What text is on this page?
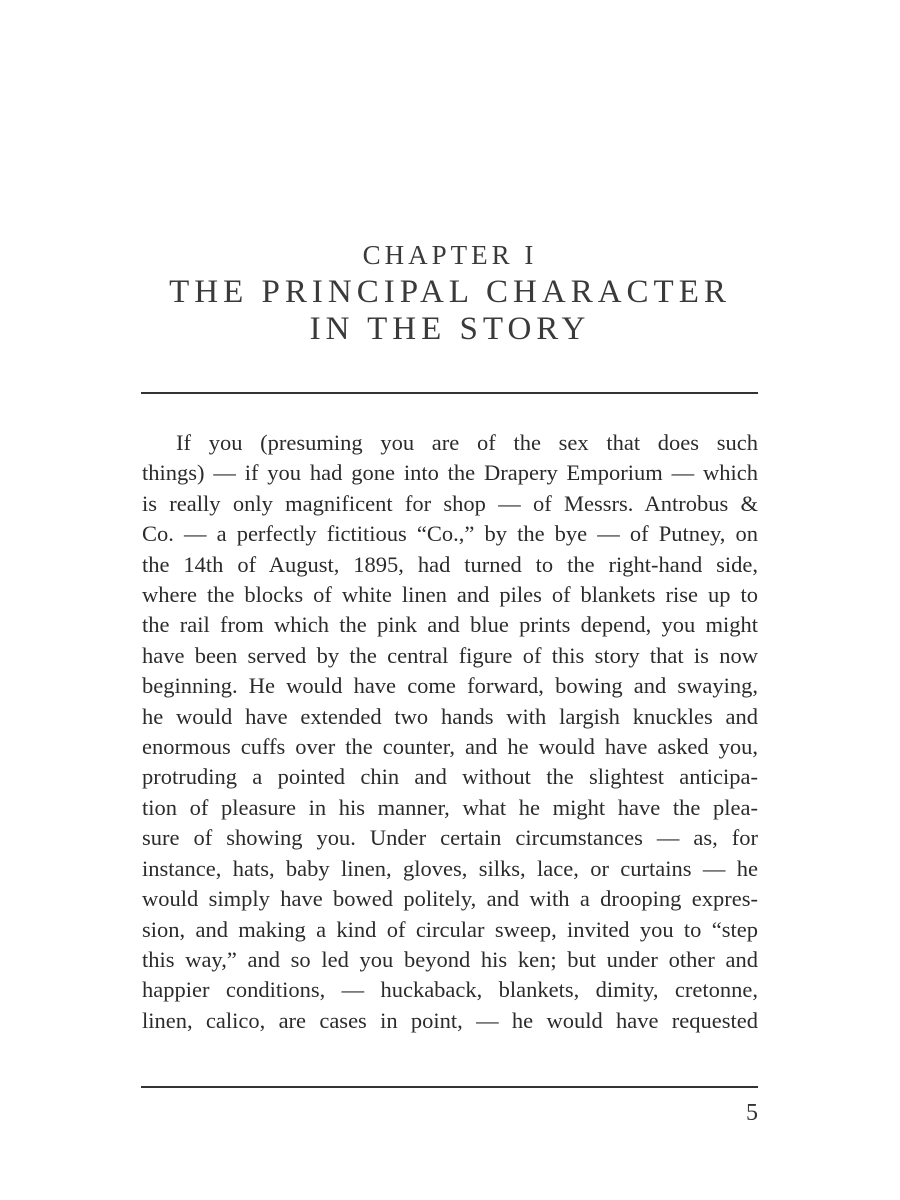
CHAPTER I
THE PRINCIPAL CHARACTER
IN THE STORY
If you (presuming you are of the sex that does such
things) — if you had gone into the Drapery Emporium — which
is really only magnificent for shop — of Messrs. Antrobus &
Co. — a perfectly fictitious “Co.,” by the bye — of Putney, on
the 14th of August, 1895, had turned to the right-hand side,
where the blocks of white linen and piles of blankets rise up to
the rail from which the pink and blue prints depend, you might
have been served by the central figure of this story that is now
beginning. He would have come forward, bowing and swaying,
he would have extended two hands with largish knuckles and
enormous cuffs over the counter, and he would have asked you,
protruding a pointed chin and without the slightest anticipa-
tion of pleasure in his manner, what he might have the plea-
sure of showing you. Under certain circumstances — as, for
instance, hats, baby linen, gloves, silks, lace, or curtains — he
would simply have bowed politely, and with a drooping expres-
sion, and making a kind of circular sweep, invited you to “step
this way,” and so led you beyond his ken; but under other and
happier conditions, — huckaback, blankets, dimity, cretonne,
linen, calico, are cases in point, — he would have requested
5
